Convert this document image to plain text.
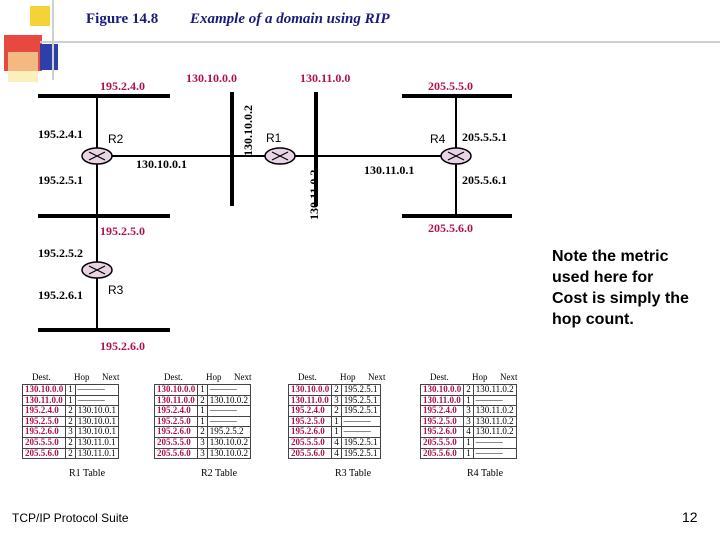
Figure 14.8 Example of a domain using RIP
195.2.4.0
130.10.0.0	130.11.0.0
205.5.5.0
195.2.5.0	205.5.6.0
195.2.6.0
195.2.4.1
195.2.5.1
130.10.0.1
130.10.0.2
130.11.0.2
205.5.5.1
205.5.6.1
130.11.0.1
195.2.5.2
195.2.6.1
R2	R1	R4
R3
Note the metric used here for Cost is simply the hop count.
Dest.	Hop Next
130.10.0.0	1	———
130.11.0.0	1	———
195.2.4.0	2	130.10.0.1
195.2.5.0	2	130.10.0.1
195.2.6.0	3	130.10.0.1
205.5.5.0	2	130.11.0.1
205.5.6.0	2	130.11.0.1
R1 Table
Dest.	Hop Next
130.10.0.0	1	———
130.11.0.0	2	130.10.0.2
195.2.4.0	1	———
195.2.5.0	1	———
195.2.6.0	2	195.2.5.2
205.5.5.0	3	130.10.0.2
205.5.6.0	3	130.10.0.2
R2 Table
Dest.	Hop Next
130.10.0.0	2	195.2.5.1
130.11.0.0	3	195.2.5.1
195.2.4.0	2	195.2.5.1
195.2.5.0	1	———
195.2.6.0	1	———
205.5.5.0	4	195.2.5.1
205.5.6.0	4	195.2.5.1
R3 Table
Dest.	Hop Next
130.10.0.0	2	130.11.0.2
130.11.0.0	1	———
195.2.4.0	3	130.11.0.2
195.2.5.0	3	130.11.0.2
195.2.6.0	4	130.11.0.2
205.5.5.0	1	———
205.5.6.0	1	———
R4 Table
TCP/IP Protocol Suite	12
